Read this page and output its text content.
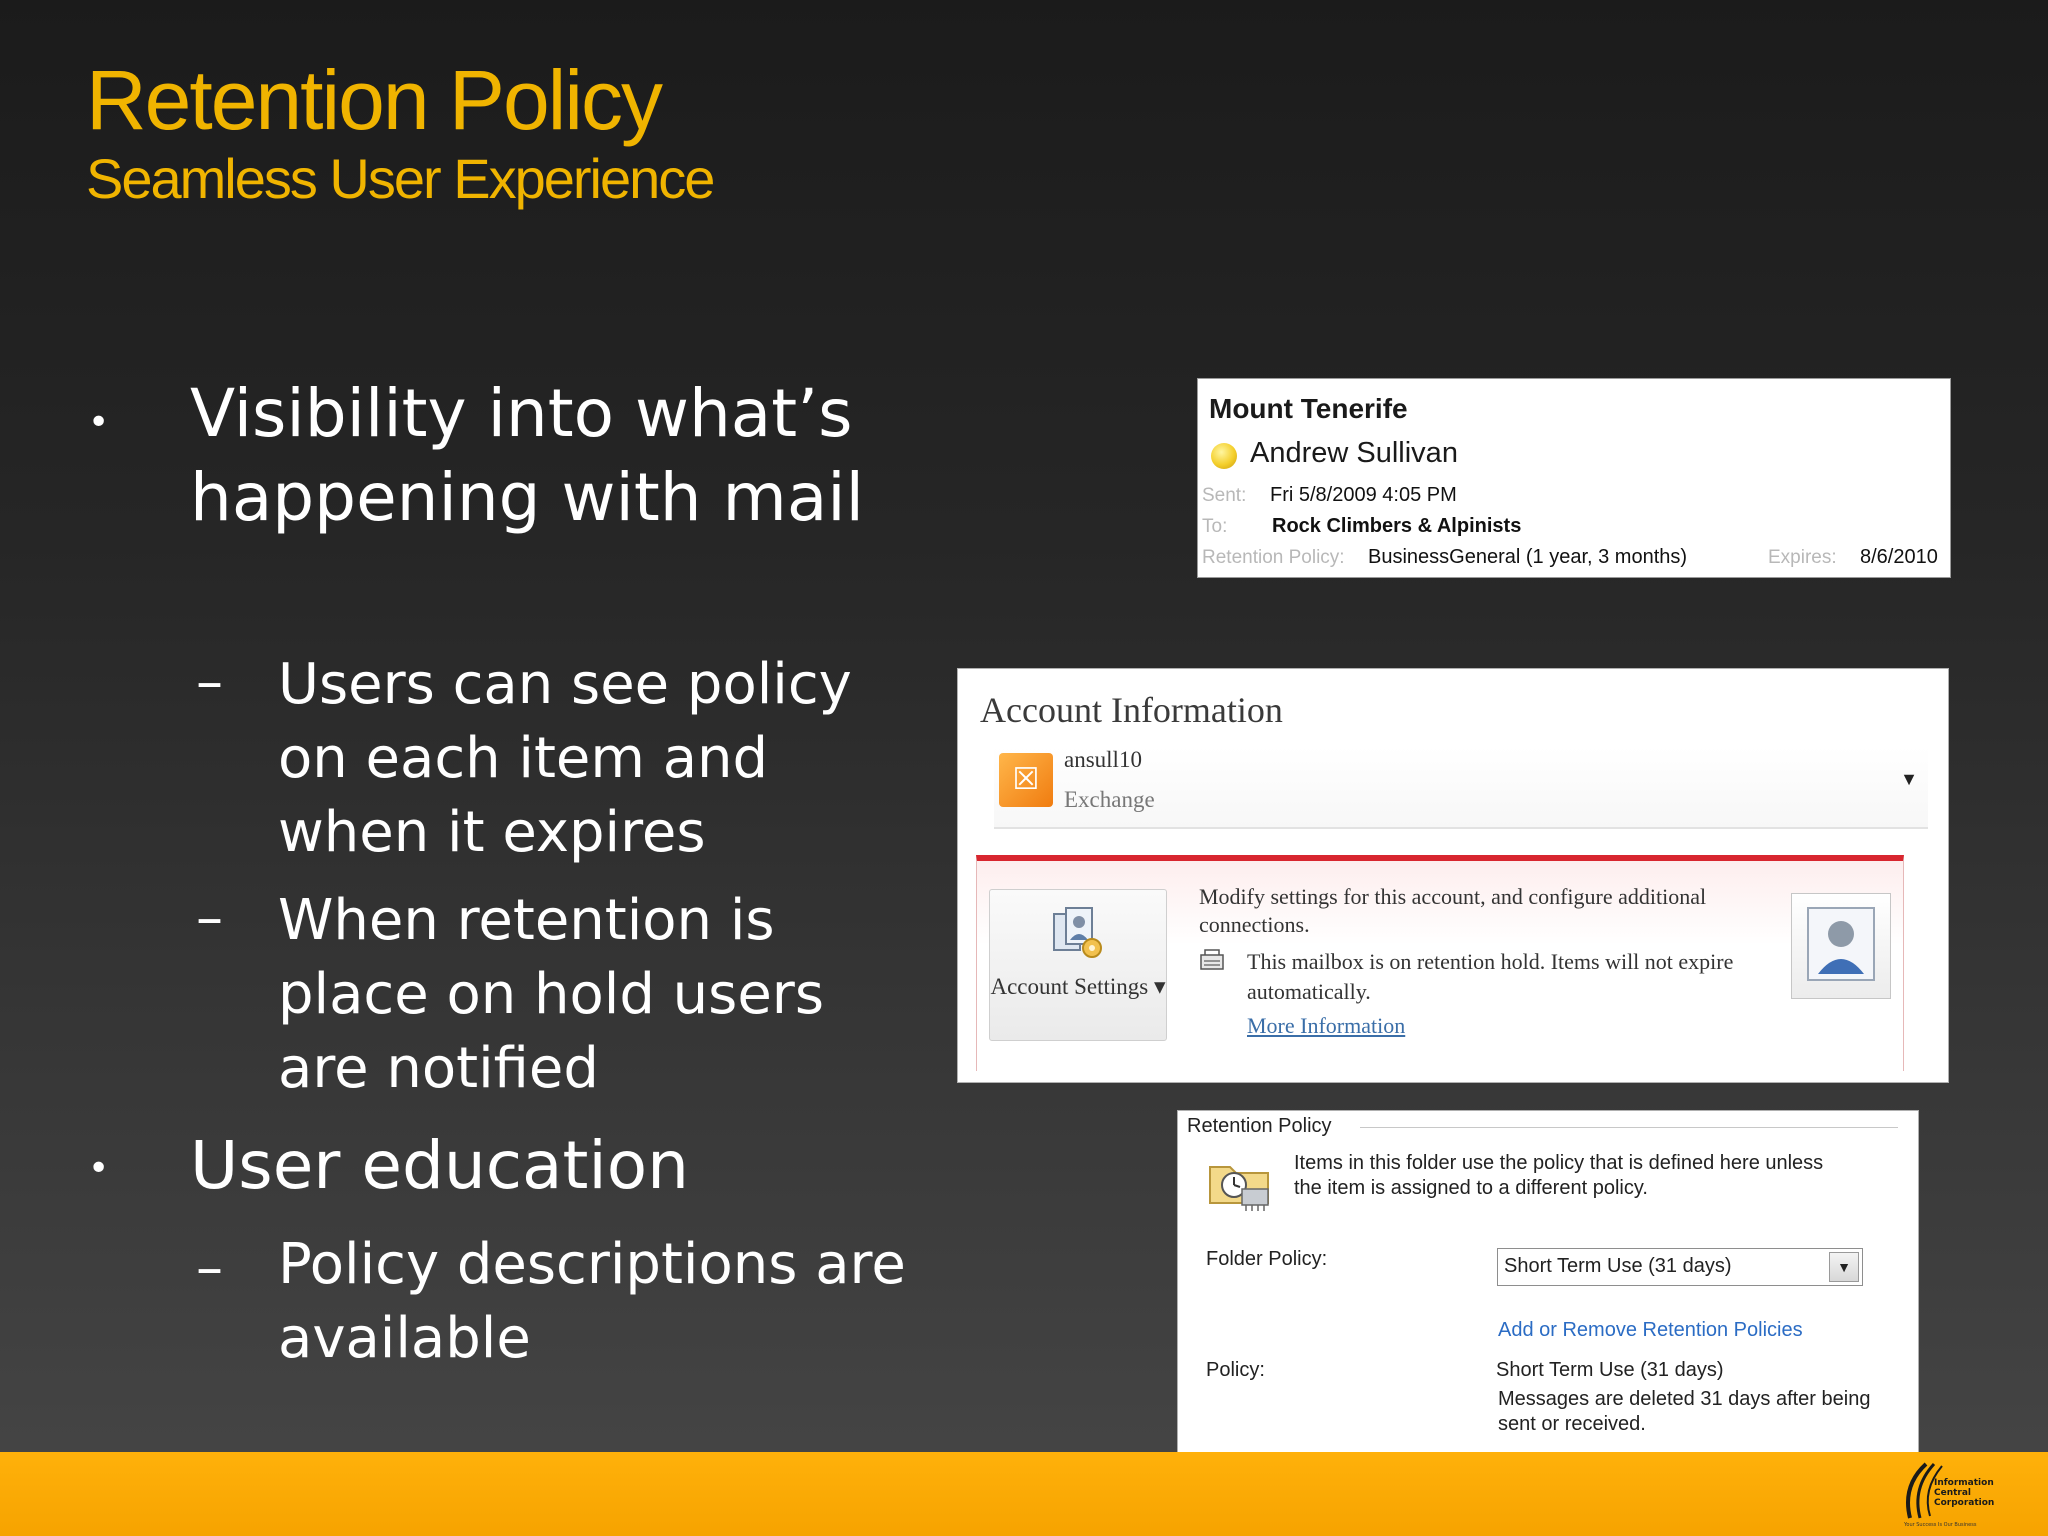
Retention Policy
Seamless User Experience
• Visibility into what’s happening with mail
– Users can see policy on each item and when it expires
– When retention is place on hold users are notified
• User education
– Policy descriptions are available
Mount Tenerife
Andrew Sullivan
Sent: Fri 5/8/2009 4:05 PM
To: Rock Climbers & Alpinists
Retention Policy: BusinessGeneral (1 year, 3 months)	Expires: 8/6/2010
Account Information
☒
ansull10
Exchange
▼
Account Settings ▾
Modify settings for this account, and configure additional connections.
This mailbox is on retention hold. Items will not expire automatically.
More Information
Retention Policy
Items in this folder use the policy that is defined here unless the item is assigned to a different policy.
Folder Policy:	Short Term Use (31 days)	▼
Add or Remove Retention Policies
Policy:	Short Term Use (31 days)
Messages are deleted 31 days after being sent or received.
Information
Central
Corporation
Your Success Is Our Business
